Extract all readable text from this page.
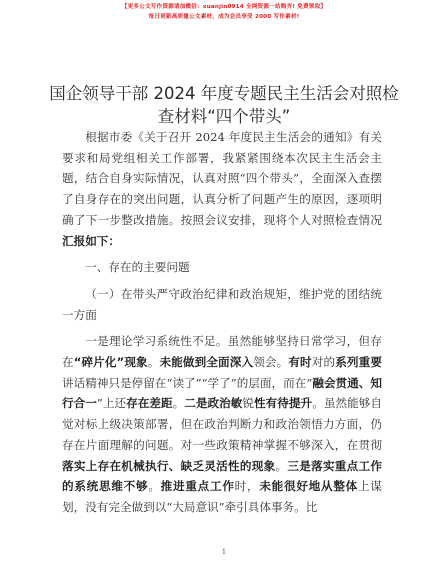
【更多公文写作资源请加微信：xuanjin0914 全网资源一站购齐! 免费领取】
每日更新高质量公文素材，成为会员享受 2000 写作素材!
国企领导干部 2024 年度专题民主生活会对照检
查材料“四个带头”

根据市委《关于召开 2024 年度民主生活会的通知》有关要求和局党组相关工作部署，我紧紧围绕本次民主生活会主题，结合自身实际情况，认真对照“四个带头”，全面深入查摆了自身存在的突出问题，认真分析了问题产生的原因，逐项明确了下一步整改措施。按照会议安排，现将个人对照检查情况汇报如下：

一、存在的主要问题

（一）在带头严守政治纪律和政治规矩，维护党的团结统一方面

一是理论学习系统性不足。虽然能够坚持日常学习，但存在“碎片化”现象。未能做到全面深入领会。有时对的系列重要讲话精神只是停留在“读了”“学了”的层面，而在“融会贯通、知行合一”上还存在差距。二是政治敏锐性有待提升。虽然能够自觉对标上级决策部署，但在政治判断力和政治领悟力方面，仍存在片面理解的问题。对一些政策精神掌握不够深入，在贯彻落实上存在机械执行、缺乏灵活性的现象。三是落实重点工作的系统思维不够。推进重点工作时，未能很好地从整体上谋划，没有完全做到以“大局意识”牵引具体事务。比

1
